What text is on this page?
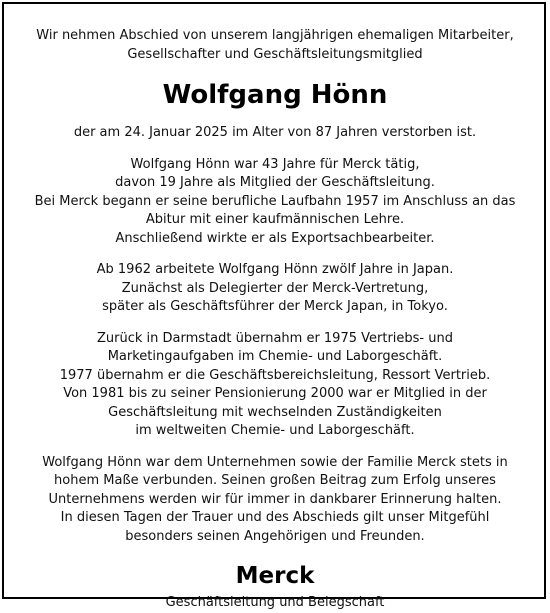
Wir nehmen Abschied von unserem langjährigen ehemaligen Mitarbeiter,
Gesellschafter und Geschäftsleitungsmitglied
Wolfgang Hönn
der am 24. Januar 2025 im Alter von 87 Jahren verstorben ist.
Wolfgang Hönn war 43 Jahre für Merck tätig,
davon 19 Jahre als Mitglied der Geschäftsleitung.
Bei Merck begann er seine berufliche Laufbahn 1957 im Anschluss an das
Abitur mit einer kaufmännischen Lehre.
Anschließend wirkte er als Exportsachbearbeiter.
Ab 1962 arbeitete Wolfgang Hönn zwölf Jahre in Japan.
Zunächst als Delegierter der Merck-Vertretung,
später als Geschäftsführer der Merck Japan, in Tokyo.
Zurück in Darmstadt übernahm er 1975 Vertriebs- und
Marketingaufgaben im Chemie- und Laborgeschäft.
1977 übernahm er die Geschäftsbereichsleitung, Ressort Vertrieb.
Von 1981 bis zu seiner Pensionierung 2000 war er Mitglied in der
Geschäftsleitung mit wechselnden Zuständigkeiten
im weltweiten Chemie- und Laborgeschäft.
Wolfgang Hönn war dem Unternehmen sowie der Familie Merck stets in
hohem Maße verbunden. Seinen großen Beitrag zum Erfolg unseres
Unternehmens werden wir für immer in dankbarer Erinnerung halten.
In diesen Tagen der Trauer und des Abschieds gilt unser Mitgefühl
besonders seinen Angehörigen und Freunden.
Merck
Geschäftsleitung und Belegschaft
